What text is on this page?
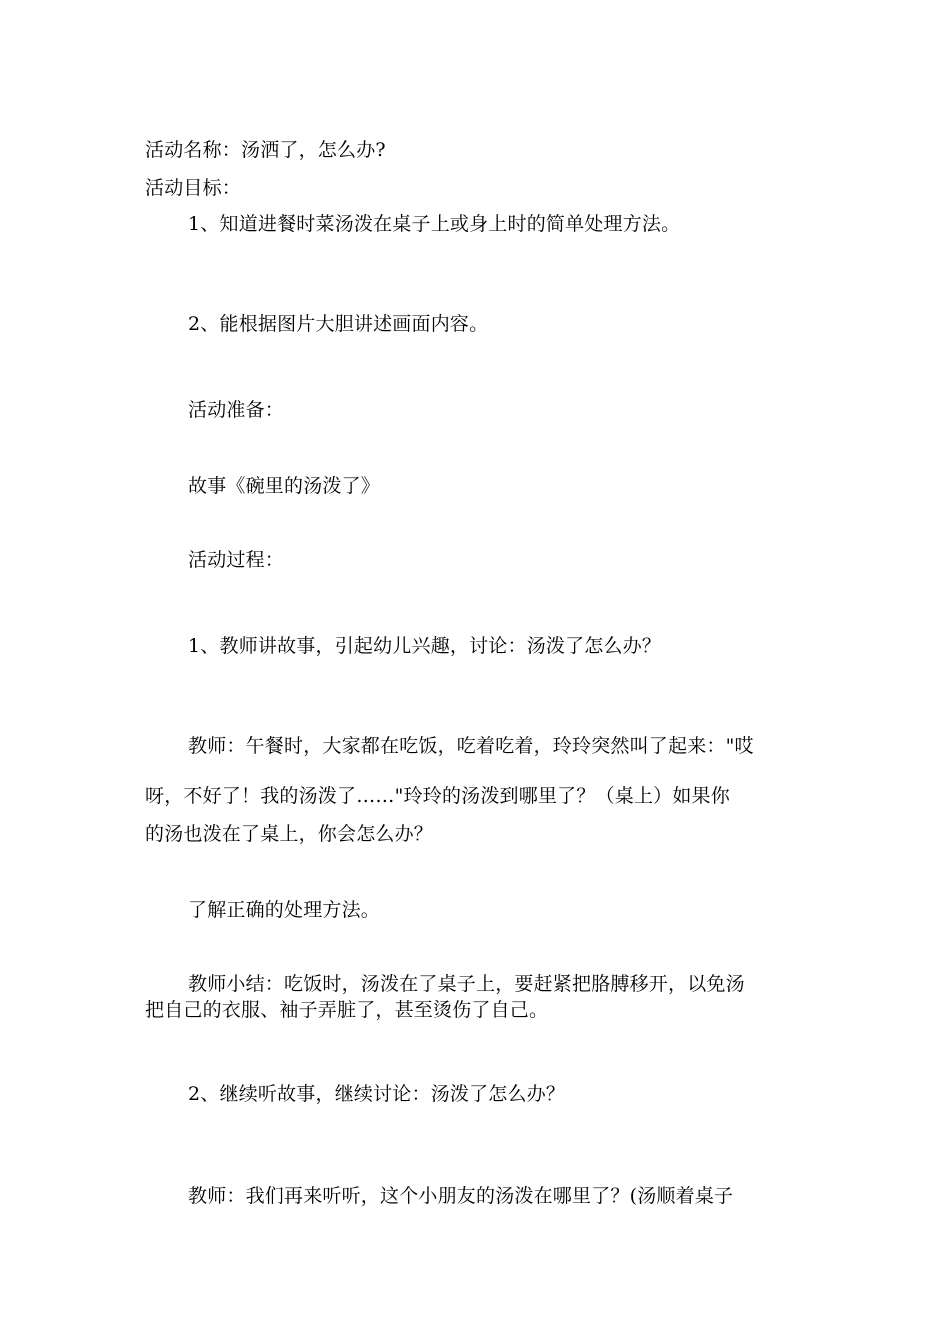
活动名称：汤洒了，怎么办?
活动目标：
1、知道进餐时菜汤泼在桌子上或身上时的简单处理方法。
2、能根据图片大胆讲述画面内容。
活动准备：
故事《碗里的汤泼了》
活动过程：
1、教师讲故事，引起幼儿兴趣，讨论：汤泼了怎么办？
教师：午餐时，大家都在吃饭，吃着吃着，玲玲突然叫了起来："哎
呀，不好了！我的汤泼了……"玲玲的汤泼到哪里了？（桌上）如果你
的汤也泼在了桌上，你会怎么办？
了解正确的处理方法。
教师小结：吃饭时，汤泼在了桌子上，要赶紧把胳膊移开，以免汤
把自己的衣服、袖子弄脏了，甚至烫伤了自己。
2、继续听故事，继续讨论：汤泼了怎么办？
教师：我们再来听听，这个小朋友的汤泼在哪里了？(汤顺着桌子
